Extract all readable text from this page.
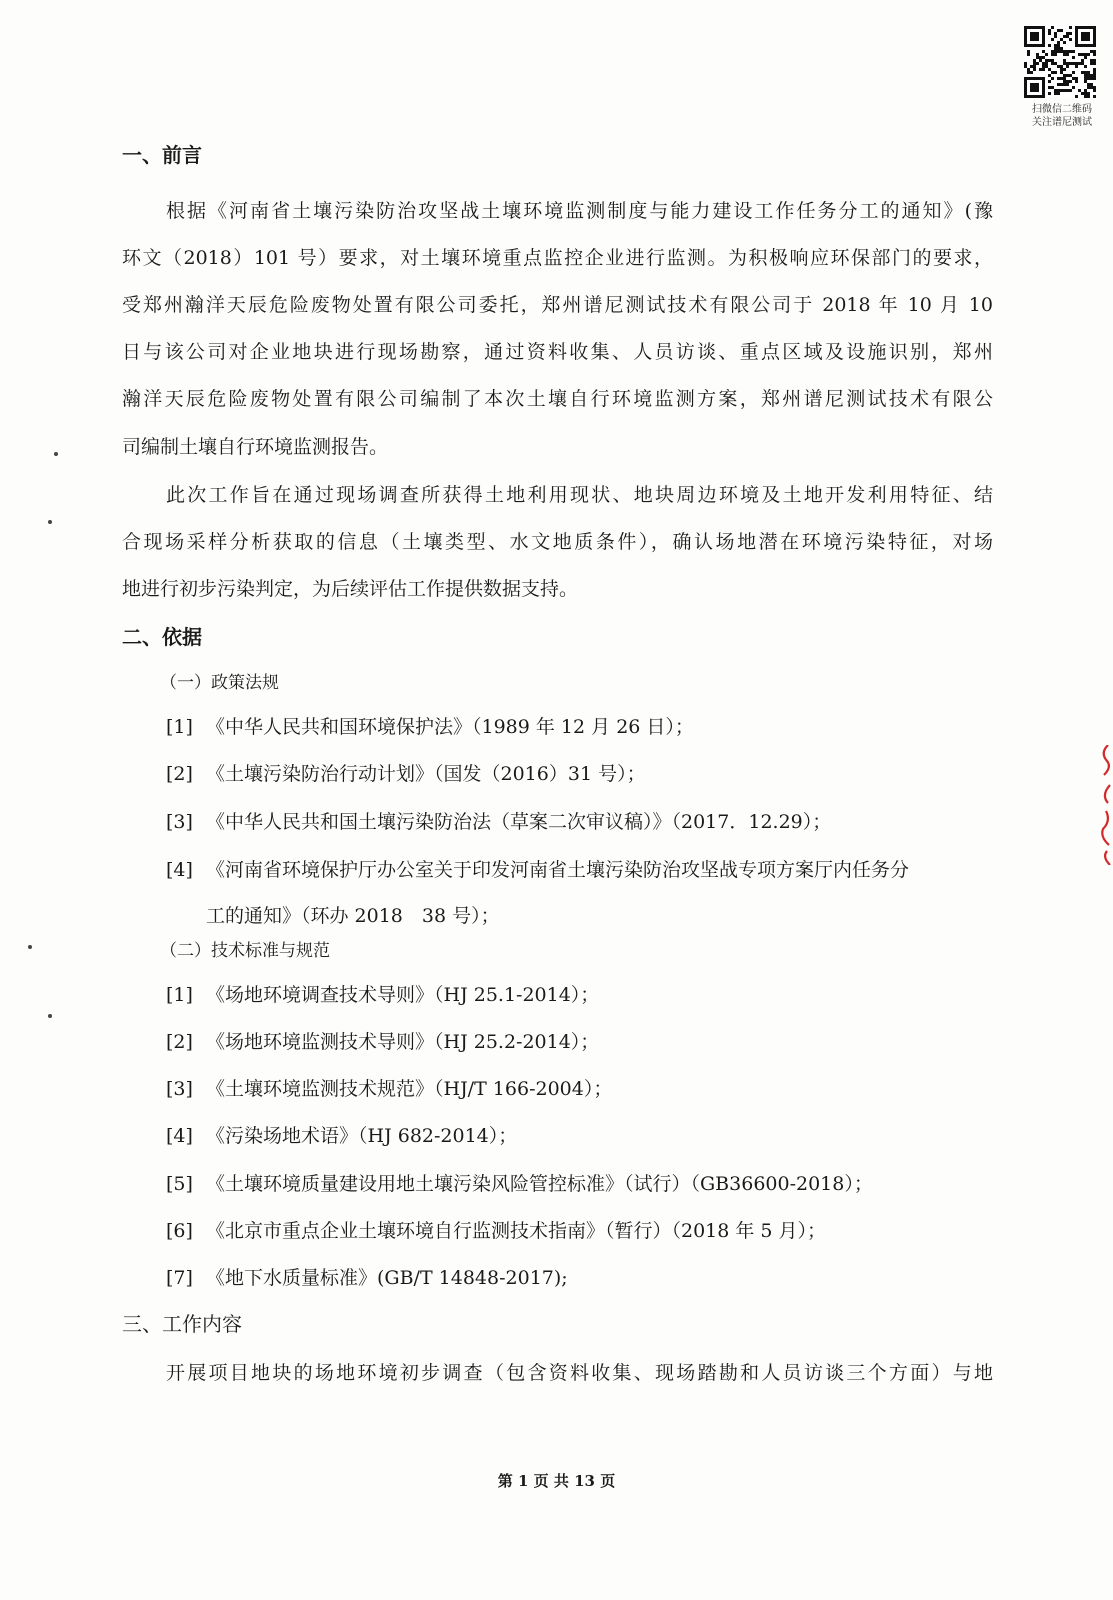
扫微信二维码
关注谱尼测试
一、前言
根据《河南省土壤污染防治攻坚战土壤环境监测制度与能力建设工作任务分工的通知》(豫
环文（2018）101 号）要求，对土壤环境重点监控企业进行监测。为积极响应环保部门的要求，
受郑州瀚洋天辰危险废物处置有限公司委托，郑州谱尼测试技术有限公司于 2018 年 10 月 10
日与该公司对企业地块进行现场勘察，通过资料收集、人员访谈、重点区域及设施识别，郑州
瀚洋天辰危险废物处置有限公司编制了本次土壤自行环境监测方案，郑州谱尼测试技术有限公
司编制土壤自行环境监测报告。
此次工作旨在通过现场调查所获得土地利用现状、地块周边环境及土地开发利用特征、结
合现场采样分析获取的信息（土壤类型、水文地质条件），确认场地潜在环境污染特征，对场
地进行初步污染判定，为后续评估工作提供数据支持。
二、依据
（一）政策法规
[1] 《中华人民共和国环境保护法》（1989 年 12 月 26 日）；
[2] 《土壤污染防治行动计划》（国发（2016）31 号）；
[3] 《中华人民共和国土壤污染防治法（草案二次审议稿）》（2017．12.29）；
[4] 《河南省环境保护厅办公室关于印发河南省土壤污染防治攻坚战专项方案厅内任务分
工的通知》（环办 2018　38 号）；
（二）技术标准与规范
[1] 《场地环境调查技术导则》（HJ 25.1-2014）；
[2] 《场地环境监测技术导则》（HJ 25.2-2014）；
[3] 《土壤环境监测技术规范》（HJ/T 166-2004）；
[4] 《污染场地术语》（HJ 682-2014）；
[5] 《土壤环境质量建设用地土壤污染风险管控标准》（试行）（GB36600-2018）；
[6] 《北京市重点企业土壤环境自行监测技术指南》（暂行）（2018 年 5 月）；
[7] 《地下水质量标准》(GB/T 14848-2017);
三、工作内容
开展项目地块的场地环境初步调查（包含资料收集、现场踏勘和人员访谈三个方面）与地
第 1 页 共 13 页
